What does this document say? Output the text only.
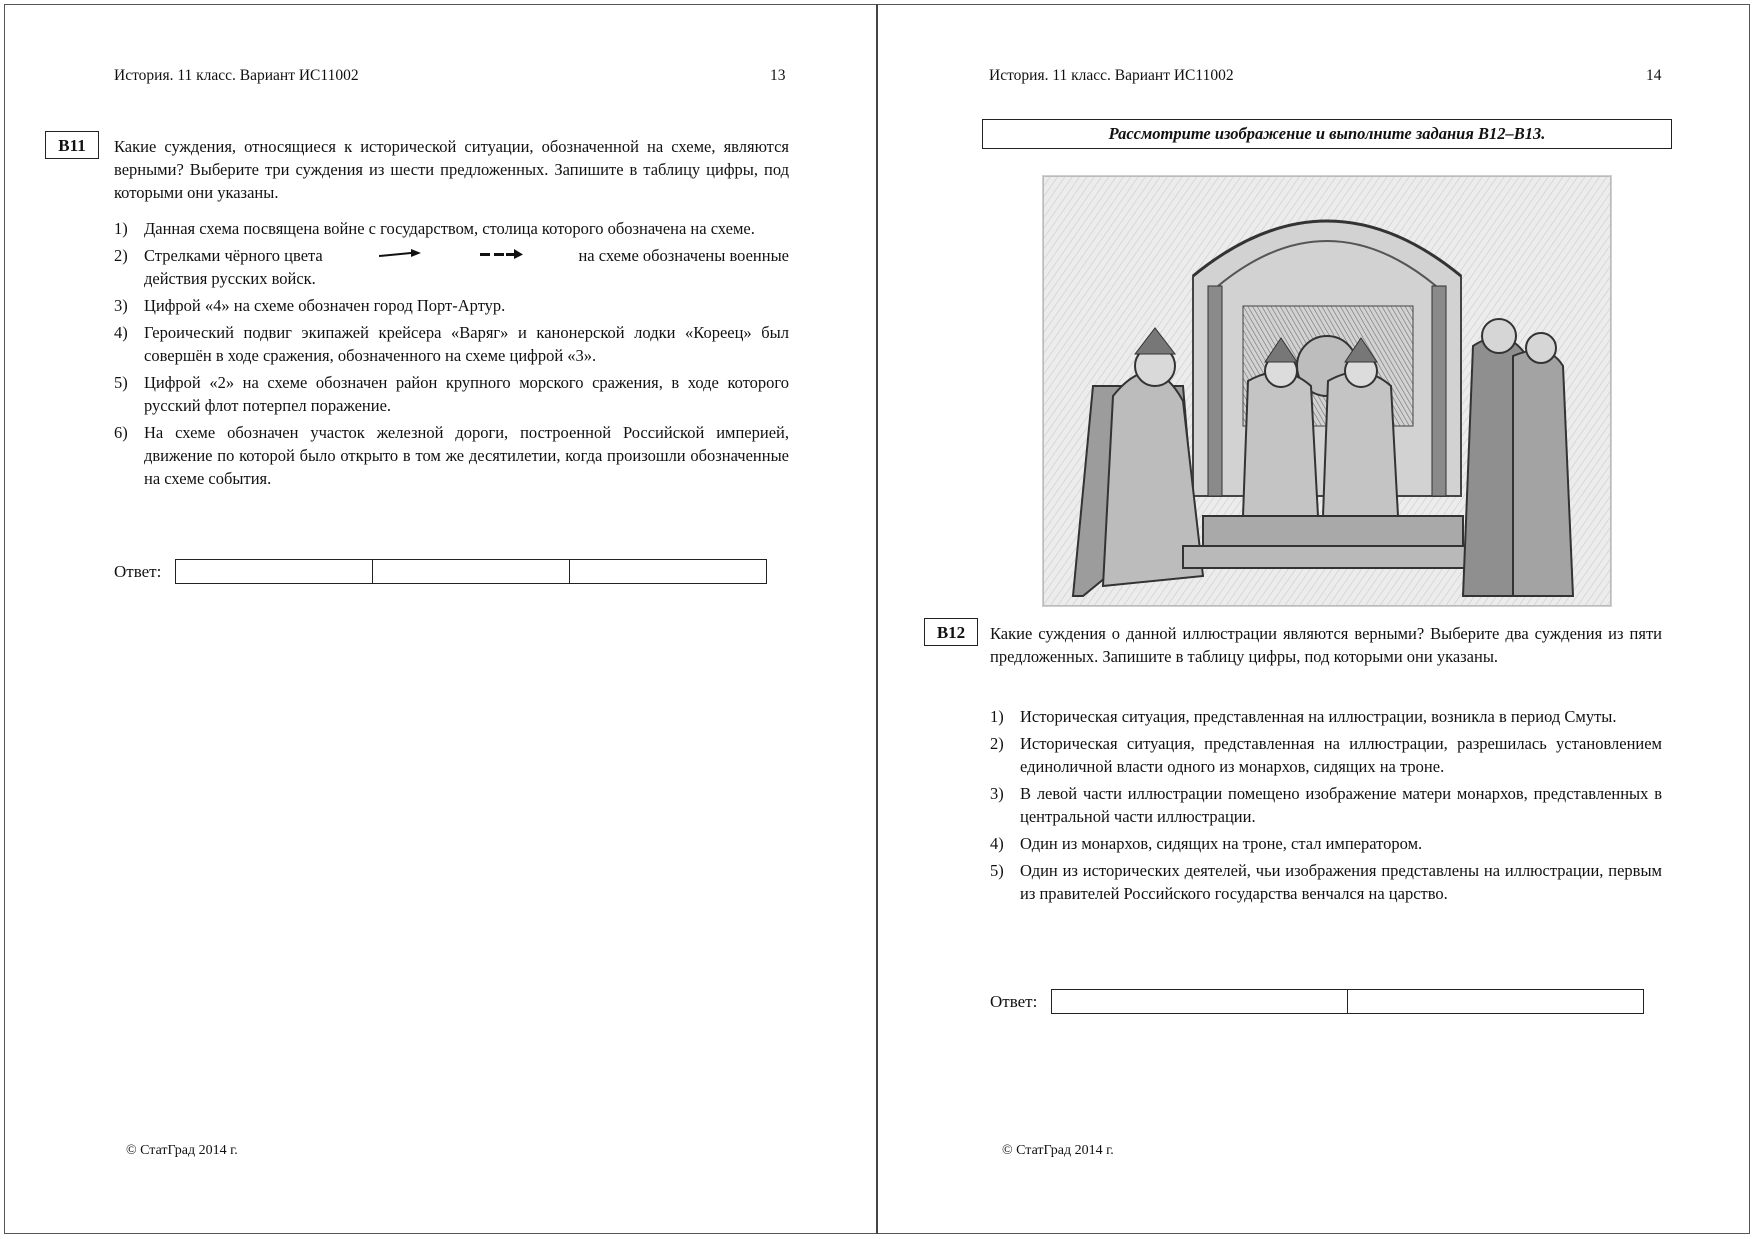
История. 11 класс. Вариант ИС11002	13
В11	Какие суждения, относящиеся к исторической ситуации, обозначенной на схеме, являются верными? Выберите три суждения из шести предложенных. Запишите в таблицу цифры, под которыми они указаны.
1) Данная схема посвящена войне с государством, столица которого обозначена на схеме.
2) Стрелками чёрного цвета	на схеме обозначены военные
действия русских войск.
3) Цифрой «4» на схеме обозначен город Порт-Артур.
4) Героический подвиг экипажей крейсера «Варяг» и канонерской лодки «Кореец» был совершён в ходе сражения, обозначенного на схеме цифрой «3».
5) Цифрой «2» на схеме обозначен район крупного морского сражения, в ходе которого русский флот потерпел поражение.
6) На схеме обозначен участок железной дороги, построенной Российской империей, движение по которой было открыто в том же десятилетии, когда произошли обозначенные на схеме события.
Ответ:
© СтатГрад 2014 г.
История. 11 класс. Вариант ИС11002	14
Рассмотрите изображение и выполните задания В12–В13.
В12	Какие суждения о данной иллюстрации являются верными? Выберите два суждения из пяти предложенных. Запишите в таблицу цифры, под которыми они указаны.
1) Историческая ситуация, представленная на иллюстрации, возникла в период Смуты.
2) Историческая ситуация, представленная на иллюстрации, разрешилась установлением единоличной власти одного из монархов, сидящих на троне.
3) В левой части иллюстрации помещено изображение матери монархов, представленных в центральной части иллюстрации.
4) Один из монархов, сидящих на троне, стал императором.
5) Один из исторических деятелей, чьи изображения представлены на иллюстрации, первым из правителей Российского государства венчался на царство.
Ответ:
© СтатГрад 2014 г.
